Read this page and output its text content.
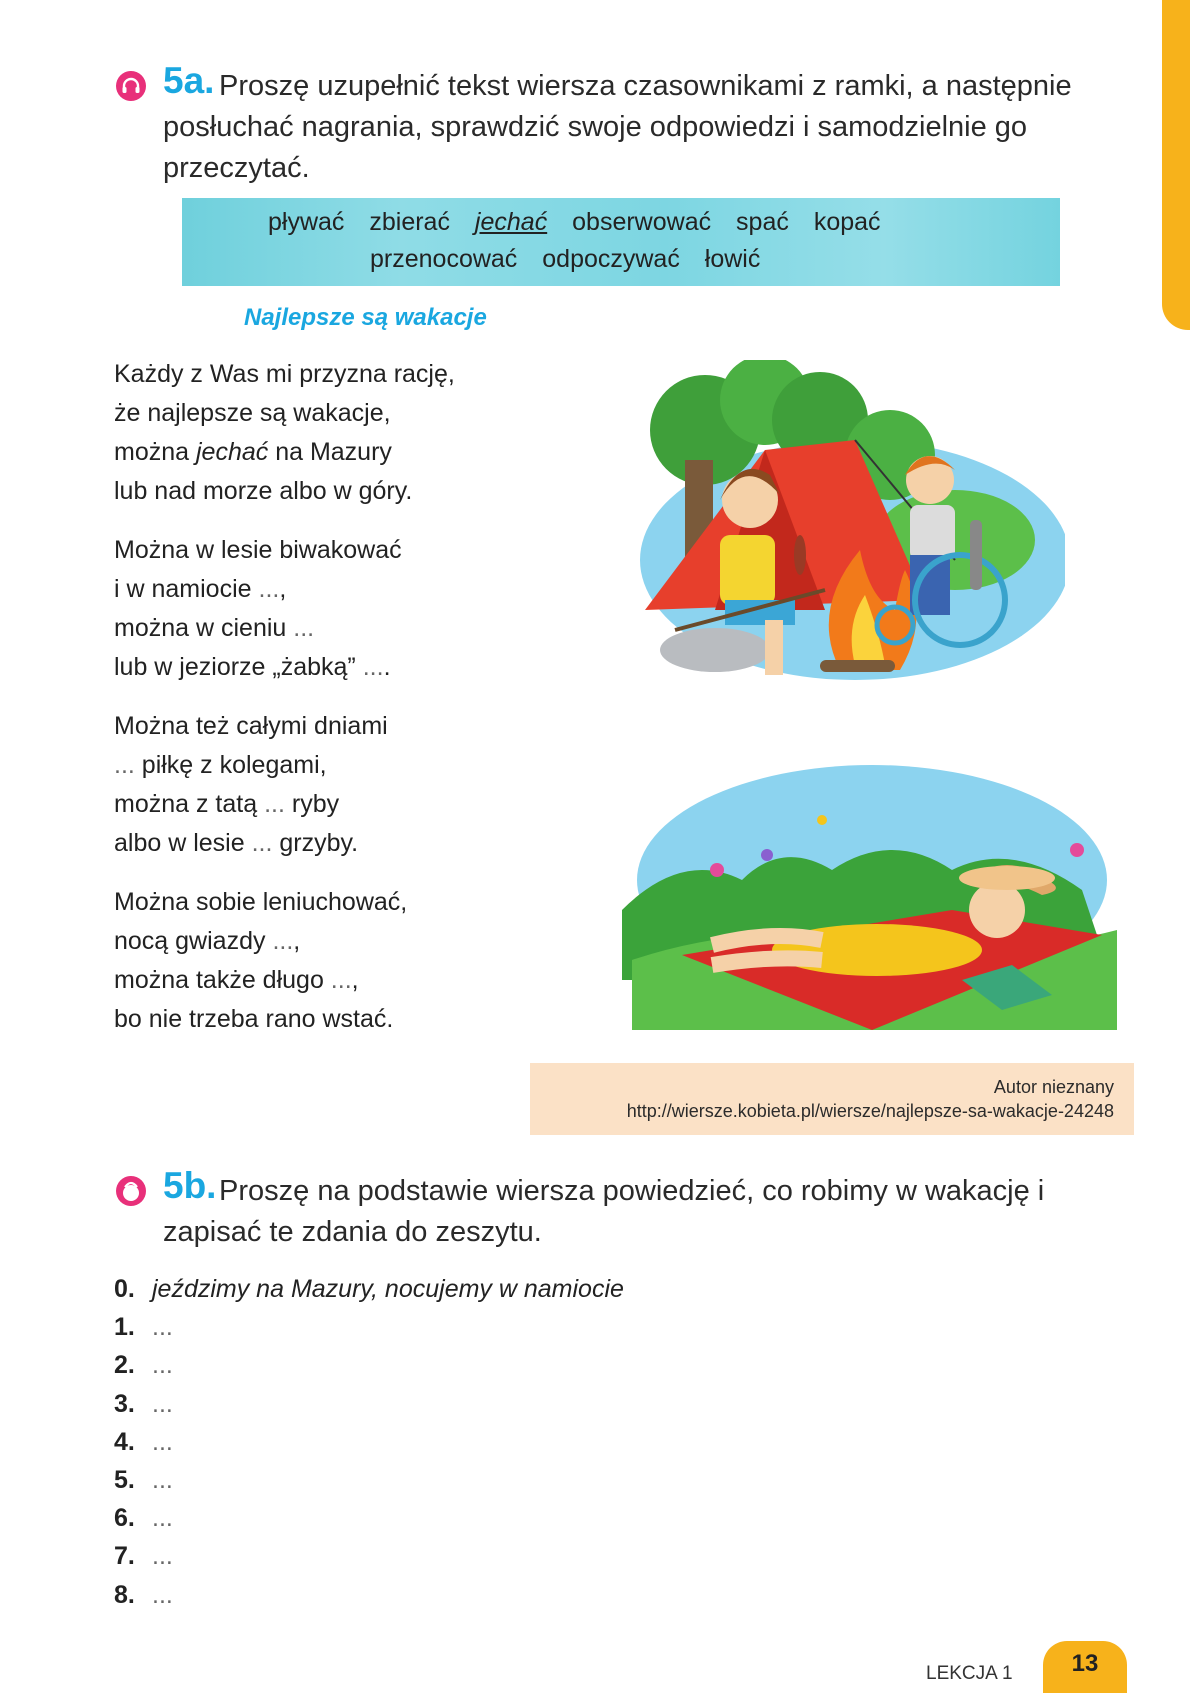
5a. Proszę uzupełnić tekst wiersza czasownikami z ramki, a następnie
posłuchać nagrania, sprawdzić swoje odpowiedzi i samodzielnie go
przeczytać.
pływać zbierać jechać obserwować spać kopać
przenocować odpoczywać łowić
Najlepsze są wakacje
Każdy z Was mi przyzna rację,
że najlepsze są wakacje,
można jechać na Mazury
lub nad morze albo w góry.
Można w lesie biwakować
i w namiocie ...,
można w cieniu ...
lub w jeziorze „żabką” ....
Można też całymi dniami
... piłkę z kolegami,
można z tatą ... ryby
albo w lesie ... grzyby.
Można sobie leniuchować,
nocą gwiazdy ...,
można także długo ...,
bo nie trzeba rano wstać.
Autor nieznany
http://wiersze.kobieta.pl/wiersze/najlepsze-sa-wakacje-24248
5b. Proszę na podstawie wiersza powiedzieć, co robimy w wakację i
zapisać te zdania do zeszytu.
0. jeździmy na Mazury, nocujemy w namiocie
1. ...
2. ...
3. ...
4. ...
5. ...
6. ...
7. ...
8. ...
LEKCJA 1	13
